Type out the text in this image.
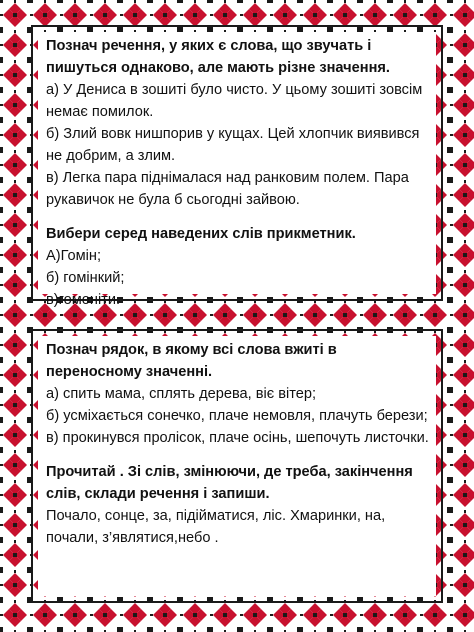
Познач речення, у яких є слова, що звучать і пишуться однаково, але мають різне значення.

а) У Дениса в зошиті було чисто. У цьому зошиті зовсім немає помилок.

б) Злий вовк нишпорив у кущах. Цей хлопчик виявився не добрим, а злим.

в) Легка пара піднімалася над ранковим полем. Пара рукавичок не була б сьогодні зайвою.

Вибери серед наведених слів прикметник.

А)Гомін;

б) гомінкий;

в)гомоніти.

Познач рядок, в якому всі слова вжиті в переносному значенні.

а) спить мама, сплять дерева, віє вітер;

б) усміхається сонечко, плаче немовля, плачуть берези;

в) прокинувся пролісок, плаче осінь, шепочуть листочки.

Прочитай . Зі слів, змінюючи, де треба, закінчення слів, склади речення і запиши.

Почало, сонце, за, підійматися, ліс. Хмаринки, на, почали, з’являтися,небо .
